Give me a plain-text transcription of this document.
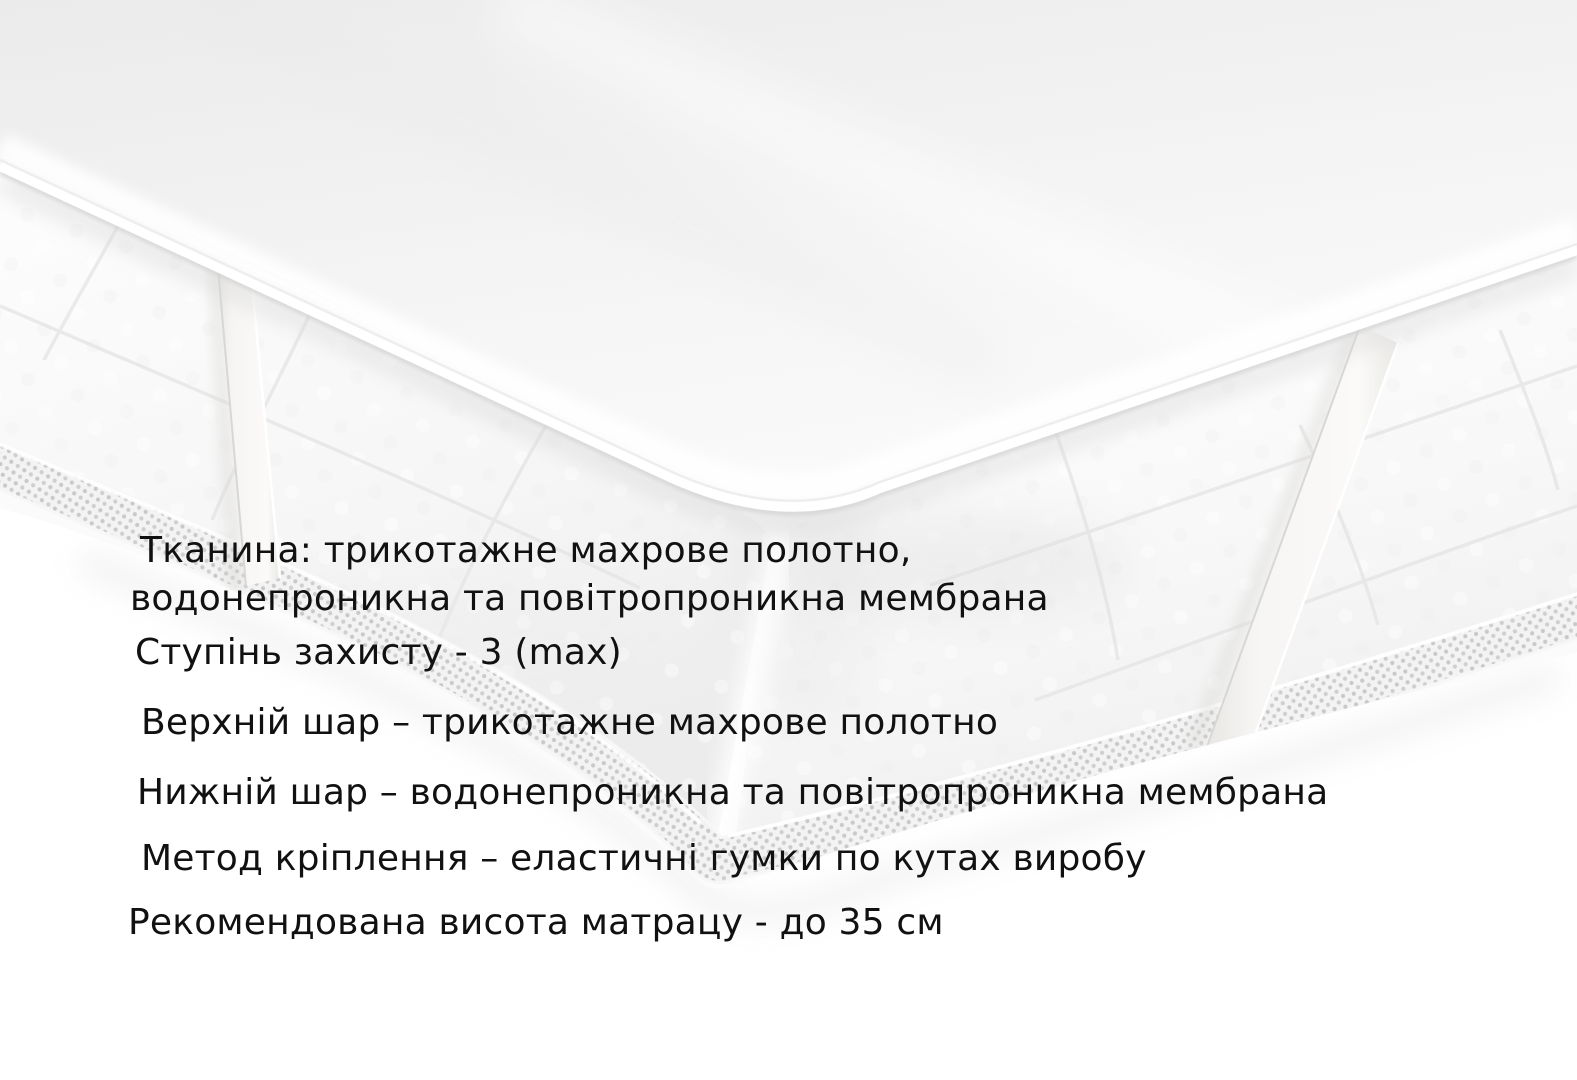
Тканина: трикотажне махрове полотно,
водонепроникна та повітропроникна мембрана
Ступінь захисту - 3 (max)
Верхній шар – трикотажне махрове полотно
Нижній шар – водонепроникна та повітропроникна мембрана
Метод кріплення – еластичні гумки по кутах виробу
Рекомендована висота матрацу - до 35 см
